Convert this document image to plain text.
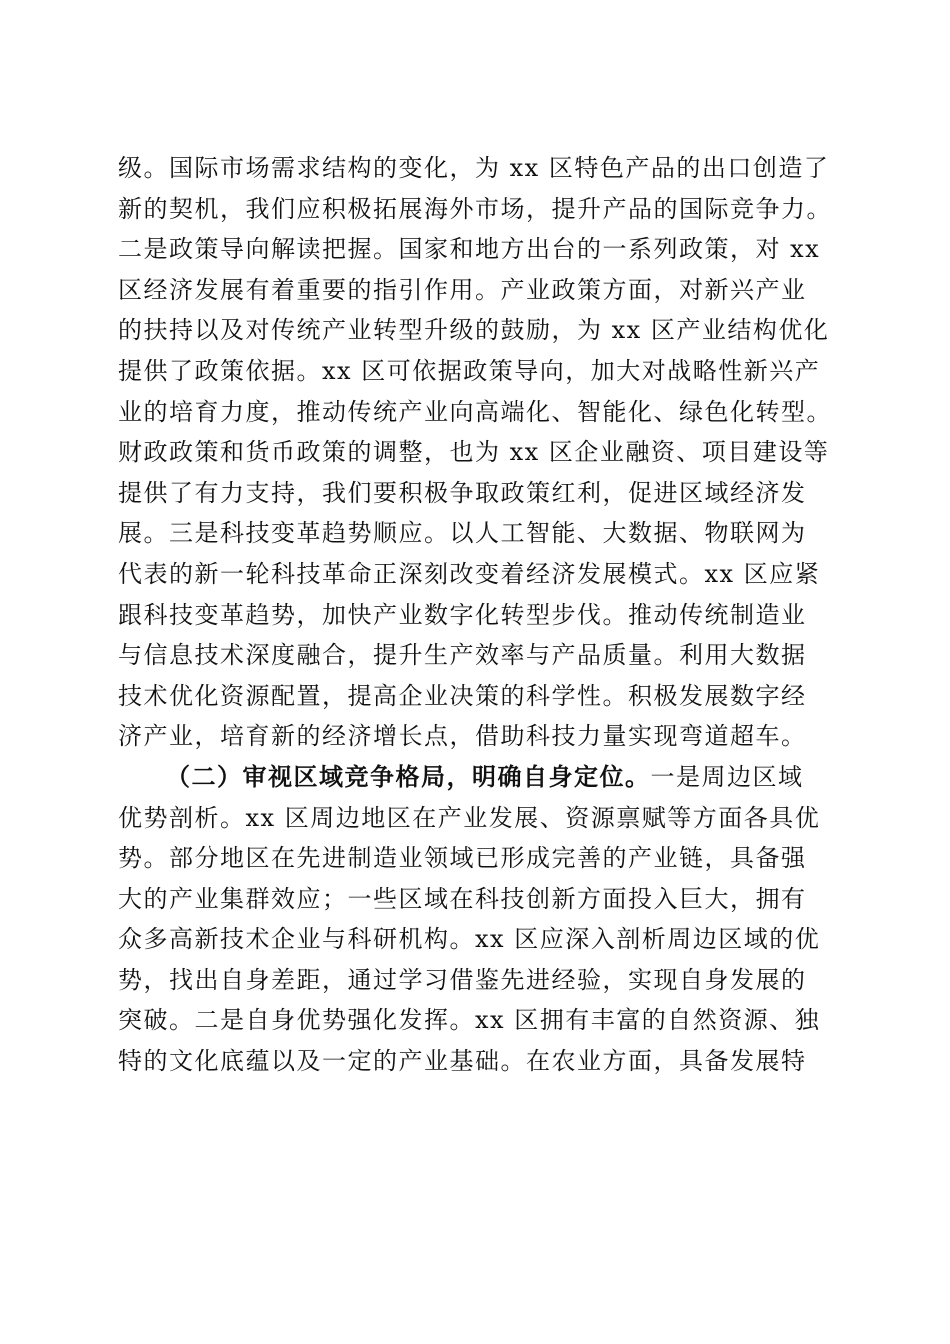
级。国际市场需求结构的变化，为 xx 区特色产品的出口创造了
新的契机，我们应积极拓展海外市场，提升产品的国际竞争力。
二是政策导向解读把握。国家和地方出台的一系列政策，对 xx
区经济发展有着重要的指引作用。产业政策方面，对新兴产业
的扶持以及对传统产业转型升级的鼓励，为 xx 区产业结构优化
提供了政策依据。xx 区可依据政策导向，加大对战略性新兴产
业的培育力度，推动传统产业向高端化、智能化、绿色化转型。
财政政策和货币政策的调整，也为 xx 区企业融资、项目建设等
提供了有力支持，我们要积极争取政策红利，促进区域经济发
展。三是科技变革趋势顺应。以人工智能、大数据、物联网为
代表的新一轮科技革命正深刻改变着经济发展模式。xx 区应紧
跟科技变革趋势，加快产业数字化转型步伐。推动传统制造业
与信息技术深度融合，提升生产效率与产品质量。利用大数据
技术优化资源配置，提高企业决策的科学性。积极发展数字经
济产业，培育新的经济增长点，借助科技力量实现弯道超车。
（二）审视区域竞争格局，明确自身定位。一是周边区域
优势剖析。xx 区周边地区在产业发展、资源禀赋等方面各具优
势。部分地区在先进制造业领域已形成完善的产业链，具备强
大的产业集群效应；一些区域在科技创新方面投入巨大，拥有
众多高新技术企业与科研机构。xx 区应深入剖析周边区域的优
势，找出自身差距，通过学习借鉴先进经验，实现自身发展的
突破。二是自身优势强化发挥。xx 区拥有丰富的自然资源、独
特的文化底蕴以及一定的产业基础。在农业方面，具备发展特
